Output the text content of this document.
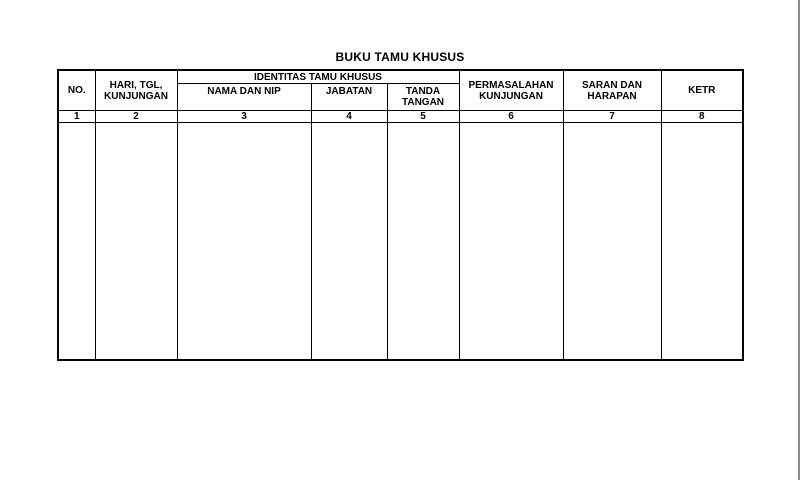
BUKU TAMU KHUSUS
NO.	HARI, TGL, KUNJUNGAN	IDENTITAS TAMU KHUSUS			PERMASALAHAN KUNJUNGAN	SARAN DAN HARAPAN	KETR
		NAMA DAN NIP	JABATAN	TANDA TANGAN			
1	2	3	4	5	6	7	8
